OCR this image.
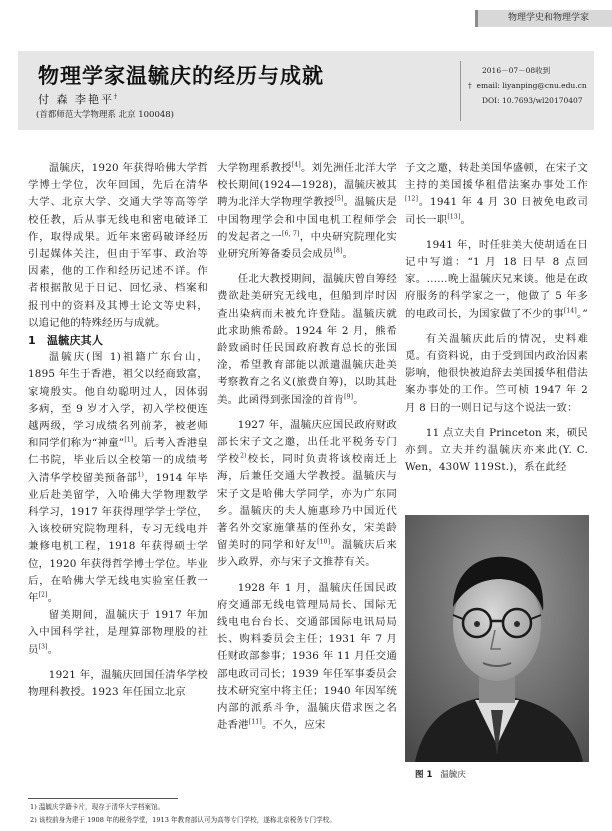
物理学史和物理学家
物理学家温毓庆的经历与成就
付 森 李艳平†
(首都师范大学物理系 北京 100048)
2016－07－08收到
† email: liyanping@cnu.edu.cn
DOI: 10.7693/wl20170407

温毓庆，1920 年获得哈佛大学哲学博士学位，次年回国，先后在清华大学、北京大学、交通大学等高等学校任教，后从事无线电和密电破译工作，取得成果。近年来密码破译经历引起媒体关注，但由于军事、政治等因素，他的工作和经历记述不详。作者根据散见于日记、回忆录、档案和报刊中的资料及其博士论文等史料，以追记他的特殊经历与成就。

1　温毓庆其人

温毓庆(图 1)祖籍广东台山，1895 年生于香港，祖父以经商致富，家境殷实。他自幼聪明过人，因体弱多病，至 9 岁才入学，初入学校便连越两级，学习成绩名列前茅，被老师和同学们称为“神童”[1]。后考入香港皇仁书院，毕业后以全校第一的成绩考入清华学校留美预备部$^{1)}$，1914 年毕业后赴美留学，入哈佛大学物理数学科学习，1917 年获得理学学士学位，入该校研究院物理科，专习无线电并兼修电机工程，1918 年获得硕士学位，1920 年获得哲学博士学位。毕业后，在哈佛大学无线电实验室任教一年[2]。

留美期间，温毓庆于 1917 年加入中国科学社，是理算部物理股的社员[3]。

1921 年，温毓庆回国任清华学校物理科教授。1923 年任国立北京

大学物理系教授[4]。刘先洲任北洋大学校长期间(1924—1928)，温毓庆被其聘为北洋大学物理学教授[5]。温毓庆是中国物理学会和中国电机工程师学会的发起者之一[6, 7]，中央研究院理化实业研究所筹备委员会成员[8]。

任北大教授期间，温毓庆曾自筹经费欲赴美研究无线电，但船到岸时因查出染病而未被允许登陆。温毓庆就此求助熊希龄。1924 年 2 月，熊希龄致函时任民国政府教育总长的张国淦，希望教育部能以派遣温毓庆赴美考察教育之名义(旅费自筹)，以助其赴美。此函得到张国淦的首肯[9]。

1927 年，温毓庆应国民政府财政部长宋子文之邀，出任北平税务专门学校$^{2)}$校长，同时负责将该校南迁上海，后兼任交通大学教授。温毓庆与宋子文是哈佛大学同学，亦为广东同乡。温毓庆的夫人施惠珍乃中国近代著名外交家施肇基的侄孙女，宋美龄留美时的同学和好友[10]。温毓庆后来步入政界，亦与宋子文推荐有关。

1928 年 1 月，温毓庆任国民政府交通部无线电管理局局长、国际无线电电台台长、交通部国际电讯局局长、购料委员会主任；1931 年 7 月任财政部参事；1936 年 11 月任交通部电政司司长；1939 年任军事委员会技术研究室中将主任；1940 年因军统内部的派系斗争，温毓庆借求医之名赴香港[11]。不久，应宋

子文之邀，转赴美国华盛顿，在宋子文主持的美国援华租借法案办事处工作[12]。1941 年 4 月 30 日被免电政司司长一职[13]。

1941 年，时任驻美大使胡适在日记中写道：“1 月 18 日早 8 点回家。……晚上温毓庆兄来谈。他是在政府服务的科学家之一，他做了 5 年多的电政司长，为国家做了不少的事[14]。”

有关温毓庆此后的情况，史料难觅。有资料说，由于受到国内政治因素影响，他很快被迫辞去美国援华租借法案办事处的工作。竺可桢 1947 年 2 月 8 日的一则日记与这个说法一致：

11 点立夫自 Princeton 来，硕民亦到。立夫并约温毓庆亦来此(Y. C. Wen，430W 119St.)，系在此经

图 1 温毓庆
1) 温毓庆学籍卡片，现存于清华大学档案馆。
2) 该校前身为建于 1908 年的税务学堂，1913 年教育部认可为高等专门学校，遂称北京税务专门学校。
